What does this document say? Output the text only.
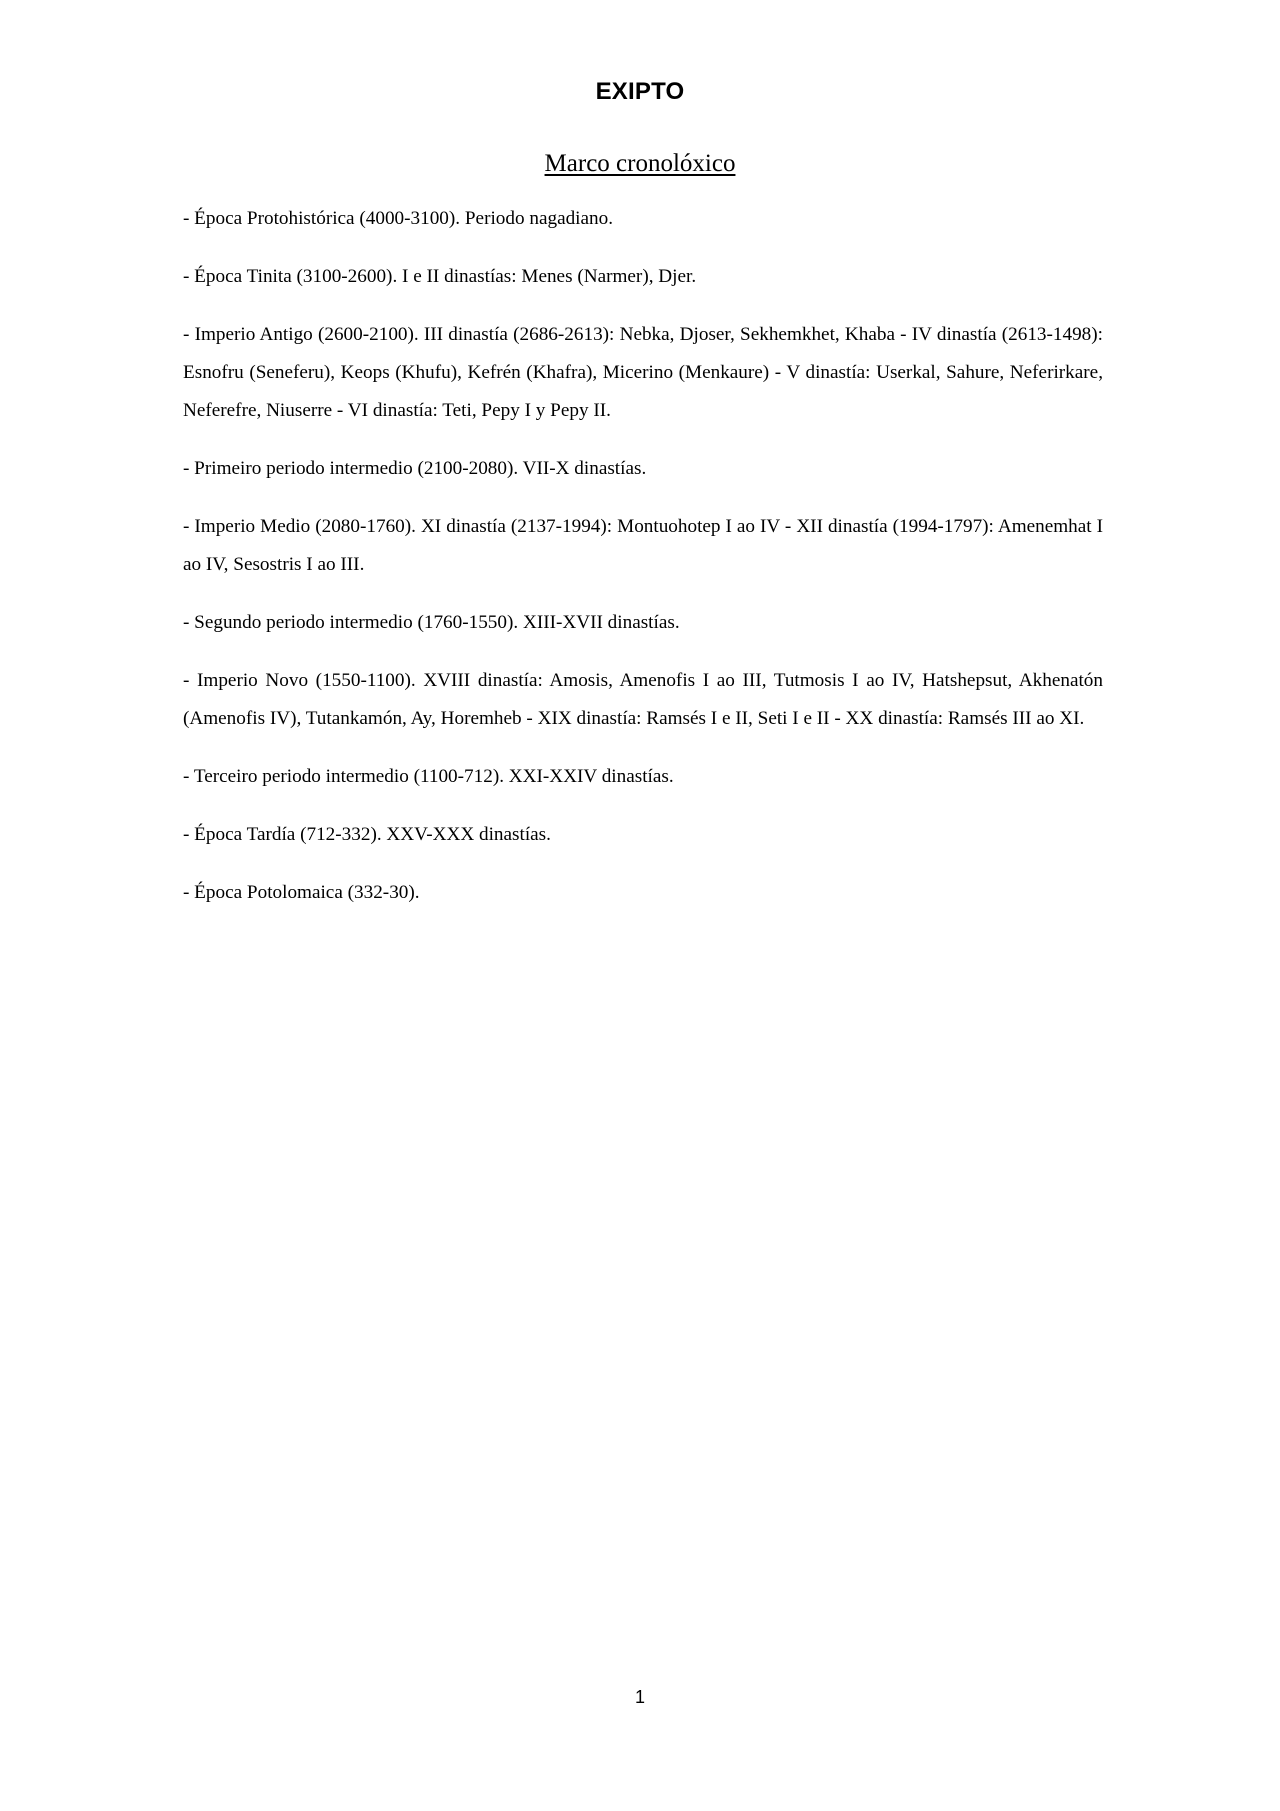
EXIPTO
Marco cronolóxico

- Época Protohistórica (4000-3100). Periodo nagadiano.

- Época Tinita (3100-2600). I e II dinastías: Menes (Narmer), Djer.

- Imperio Antigo (2600-2100). III dinastía (2686-2613): Nebka, Djoser, Sekhemkhet, Khaba - IV dinastía (2613-1498): Esnofru (Seneferu), Keops (Khufu), Kefrén (Khafra), Micerino (Menkaure) - V dinastía: Userkal, Sahure, Neferirkare, Neferefre, Niuserre - VI dinastía: Teti, Pepy I y Pepy II.

- Primeiro periodo intermedio (2100-2080). VII-X dinastías.

- Imperio Medio (2080-1760). XI dinastía (2137-1994): Montuohotep I ao IV - XII dinastía (1994-1797): Amenemhat I ao IV, Sesostris I ao III.

- Segundo periodo intermedio (1760-1550). XIII-XVII dinastías.

- Imperio Novo (1550-1100). XVIII dinastía: Amosis, Amenofis I ao III, Tutmosis I ao IV, Hatshepsut, Akhenatón (Amenofis IV), Tutankamón, Ay, Horemheb - XIX dinastía: Ramsés I e II, Seti I e II - XX dinastía: Ramsés III ao XI.

- Terceiro periodo intermedio (1100-712). XXI-XXIV dinastías.

- Época Tardía (712-332). XXV-XXX dinastías.

- Época Potolomaica (332-30).

1
